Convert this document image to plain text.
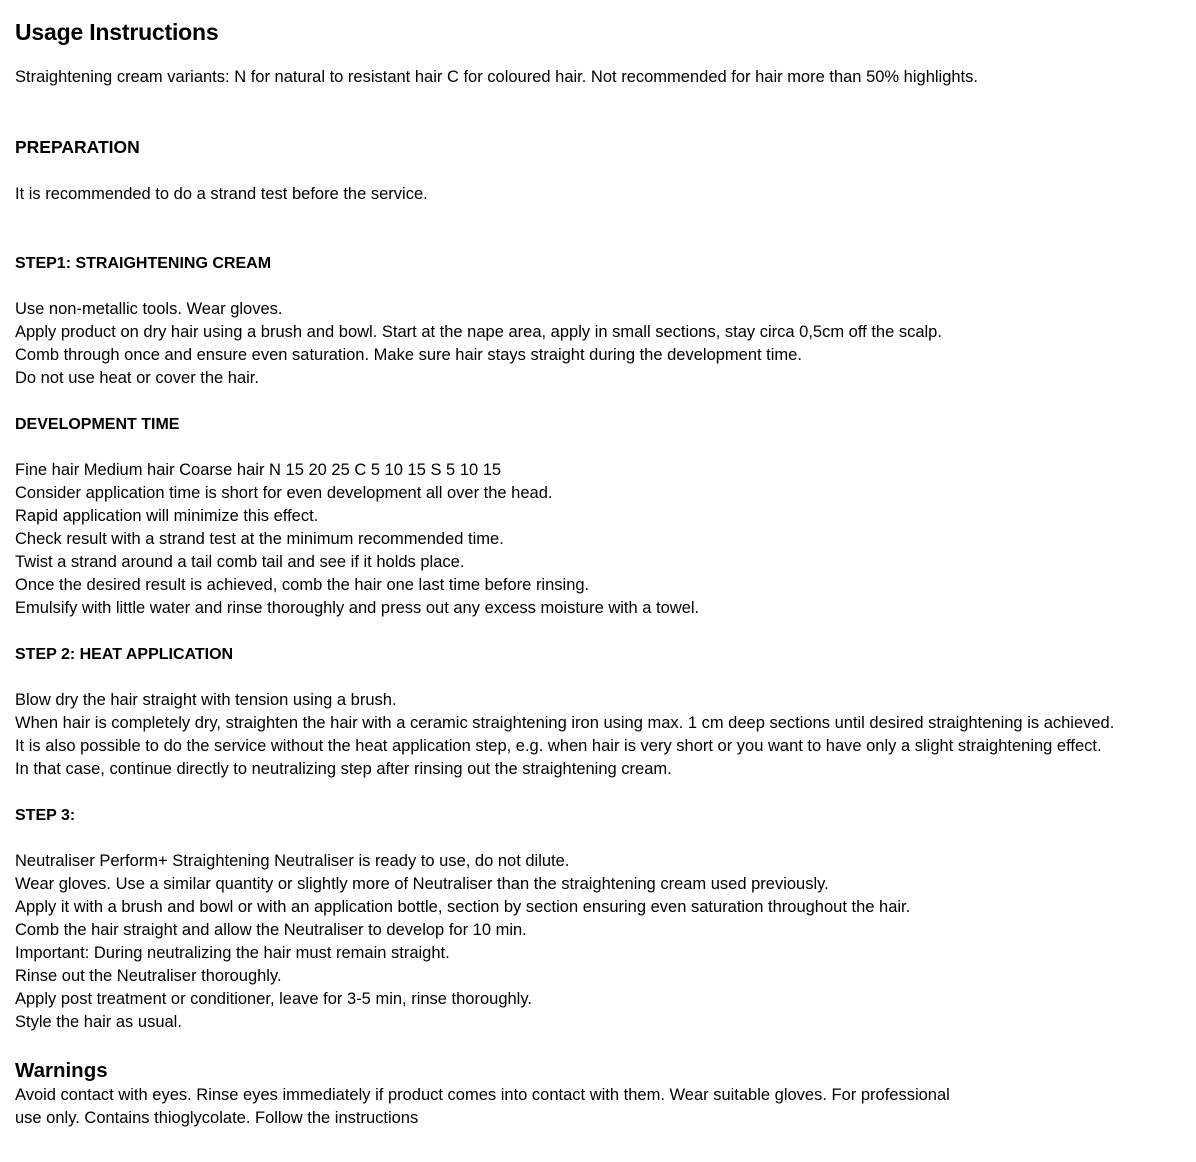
Usage Instructions

Straightening cream variants: N for natural to resistant hair C for coloured hair. Not recommended for hair more than 50% highlights.

PREPARATION

It is recommended to do a strand test before the service.

STEP1: STRAIGHTENING CREAM
Use non-metallic tools. Wear gloves.
Apply product on dry hair using a brush and bowl. Start at the nape area, apply in small sections, stay circa 0,5cm off the scalp.
Comb through once and ensure even saturation. Make sure hair stays straight during the development time.
Do not use heat or cover the hair.
DEVELOPMENT TIME
Fine hair Medium hair Coarse hair N 15 20 25 C 5 10 15 S 5 10 15
Consider application time is short for even development all over the head.
Rapid application will minimize this effect.
Check result with a strand test at the minimum recommended time.
Twist a strand around a tail comb tail and see if it holds place.
Once the desired result is achieved, comb the hair one last time before rinsing.
Emulsify with little water and rinse thoroughly and press out any excess moisture with a towel.
STEP 2: HEAT APPLICATION
Blow dry the hair straight with tension using a brush.
When hair is completely dry, straighten the hair with a ceramic straightening iron using max. 1 cm deep sections until desired straightening is achieved.
It is also possible to do the service without the heat application step, e.g. when hair is very short or you want to have only a slight straightening effect.
In that case, continue directly to neutralizing step after rinsing out the straightening cream.
STEP 3:
Neutraliser Perform+ Straightening Neutraliser is ready to use, do not dilute.
Wear gloves. Use a similar quantity or slightly more of Neutraliser than the straightening cream used previously.
Apply it with a brush and bowl or with an application bottle, section by section ensuring even saturation throughout the hair.
Comb the hair straight and allow the Neutraliser to develop for 10 min.
Important: During neutralizing the hair must remain straight.
Rinse out the Neutraliser thoroughly.
Apply post treatment or conditioner, leave for 3-5 min, rinse thoroughly.
Style the hair as usual.
Warnings
Avoid contact with eyes. Rinse eyes immediately if product comes into contact with them. Wear suitable gloves. For professional
use only. Contains thioglycolate. Follow the instructions
